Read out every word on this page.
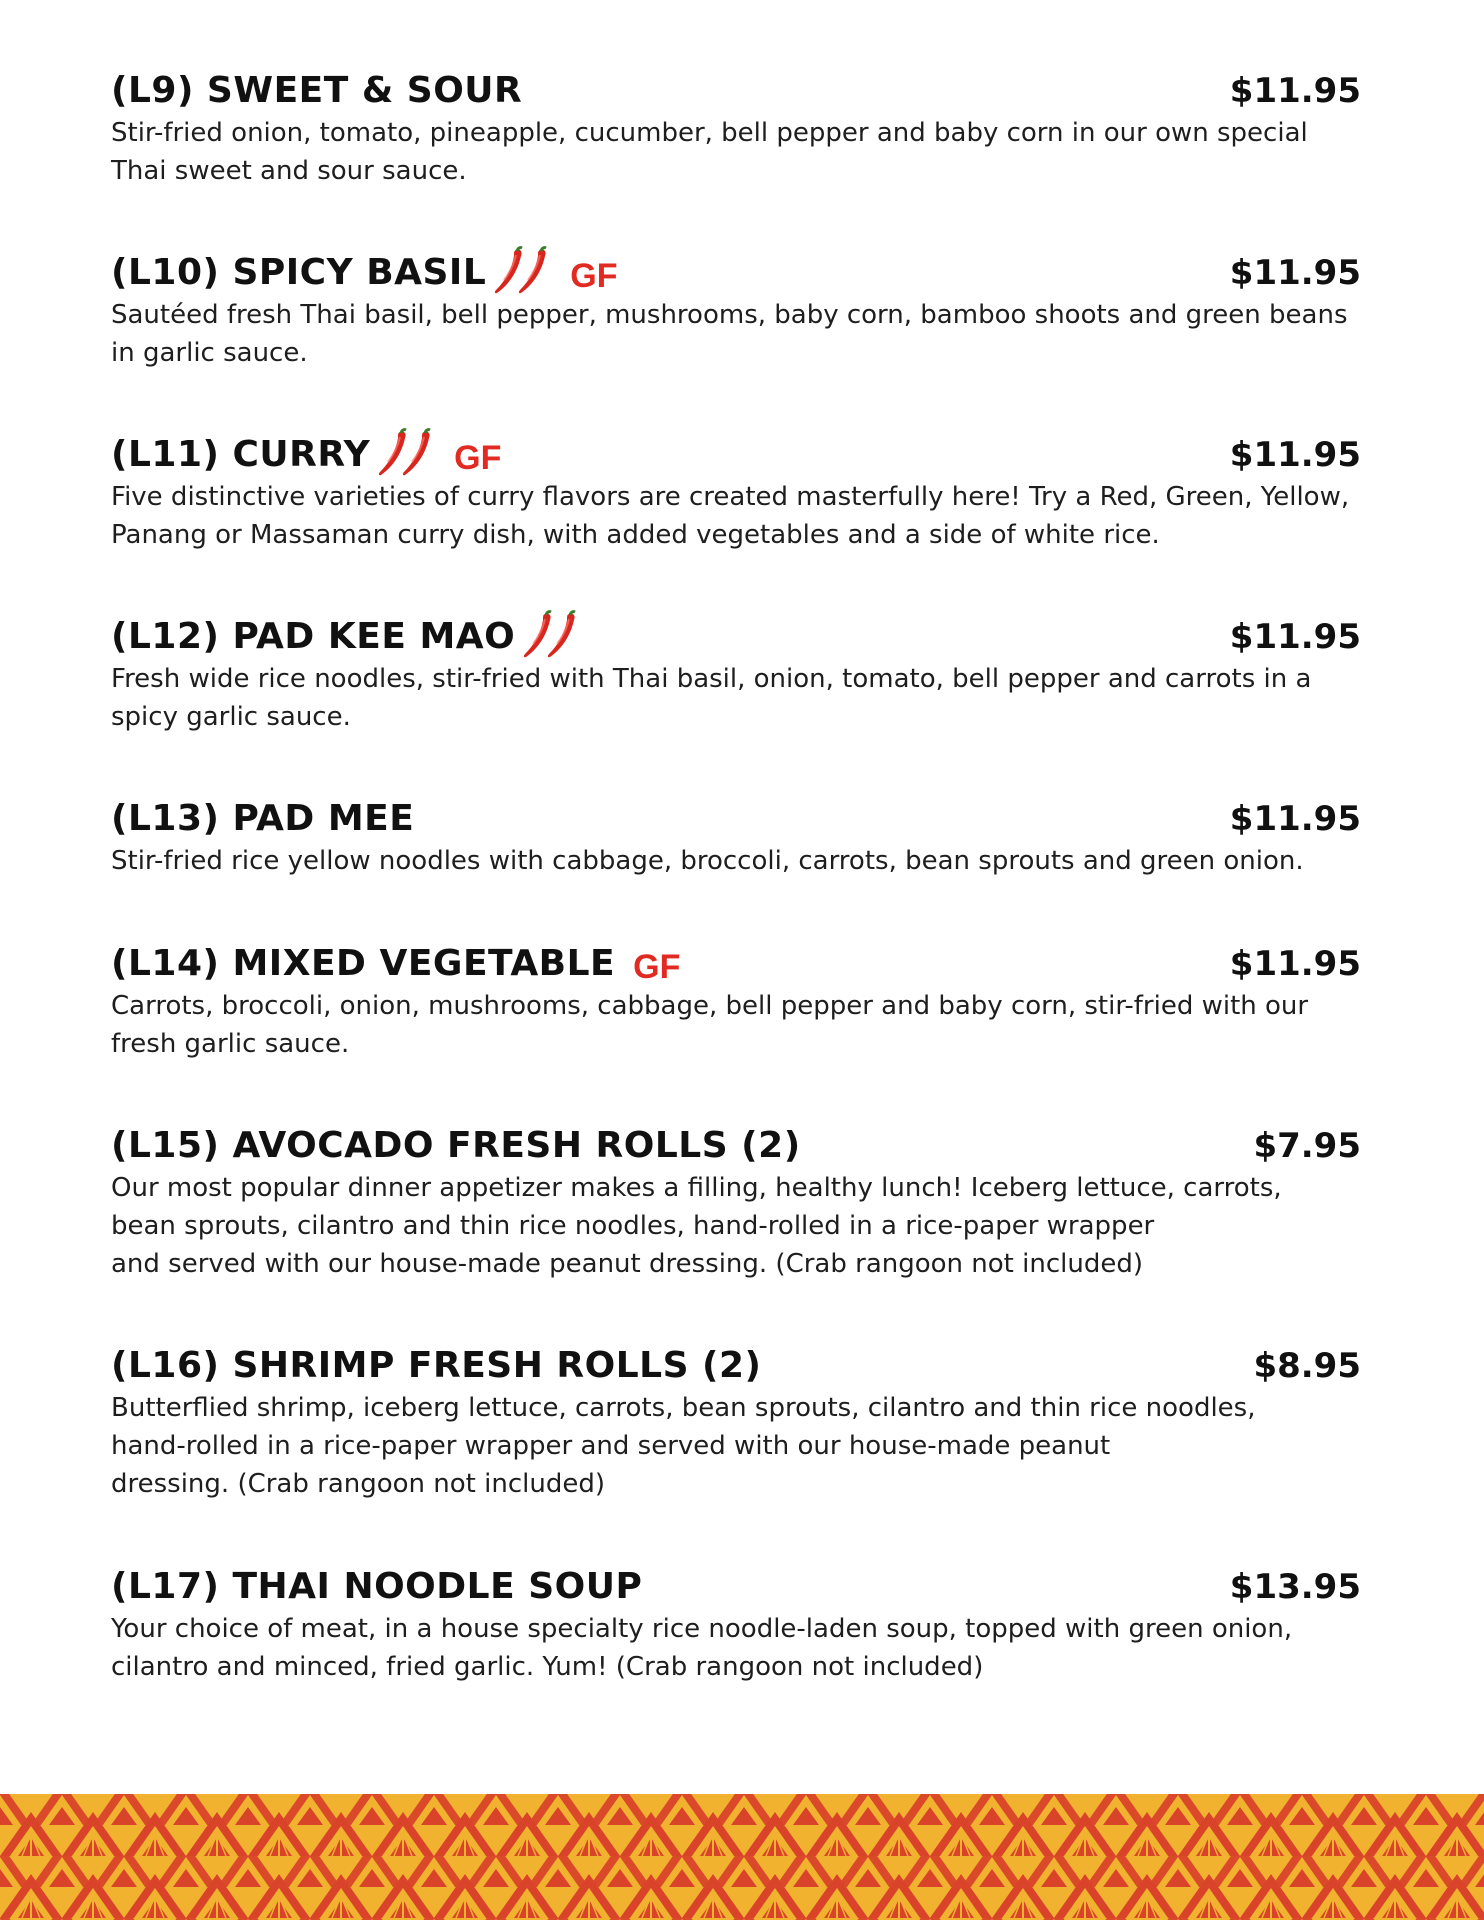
(L9) SWEET & SOUR	$11.95

Stir-fried onion, tomato, pineapple, cucumber, bell pepper and baby corn in our own special
Thai sweet and sour sauce.

(L10) SPICY BASIL GF	$11.95

Sautéed fresh Thai basil, bell pepper, mushrooms, baby corn, bamboo shoots and green beans
in garlic sauce.

(L11) CURRY GF	$11.95

Five distinctive varieties of curry flavors are created masterfully here! Try a Red, Green, Yellow,
Panang or Massaman curry dish, with added vegetables and a side of white rice.

(L12) PAD KEE MAO	$11.95

Fresh wide rice noodles, stir-fried with Thai basil, onion, tomato, bell pepper and carrots in a
spicy garlic sauce.

(L13) PAD MEE	$11.95

Stir-fried rice yellow noodles with cabbage, broccoli, carrots, bean sprouts and green onion.

(L14) MIXED VEGETABLE GF	$11.95

Carrots, broccoli, onion, mushrooms, cabbage, bell pepper and baby corn, stir-fried with our
fresh garlic sauce.

(L15) AVOCADO FRESH ROLLS (2)	$7.95

Our most popular dinner appetizer makes a filling, healthy lunch! Iceberg lettuce, carrots,
bean sprouts, cilantro and thin rice noodles, hand-rolled in a rice-paper wrapper
and served with our house-made peanut dressing. (Crab rangoon not included)

(L16) SHRIMP FRESH ROLLS (2)	$8.95

Butterflied shrimp, iceberg lettuce, carrots, bean sprouts, cilantro and thin rice noodles,
hand-rolled in a rice-paper wrapper and served with our house-made peanut
dressing. (Crab rangoon not included)

(L17) THAI NOODLE SOUP	$13.95

Your choice of meat, in a house specialty rice noodle-laden soup, topped with green onion,
cilantro and minced, fried garlic. Yum! (Crab rangoon not included)
